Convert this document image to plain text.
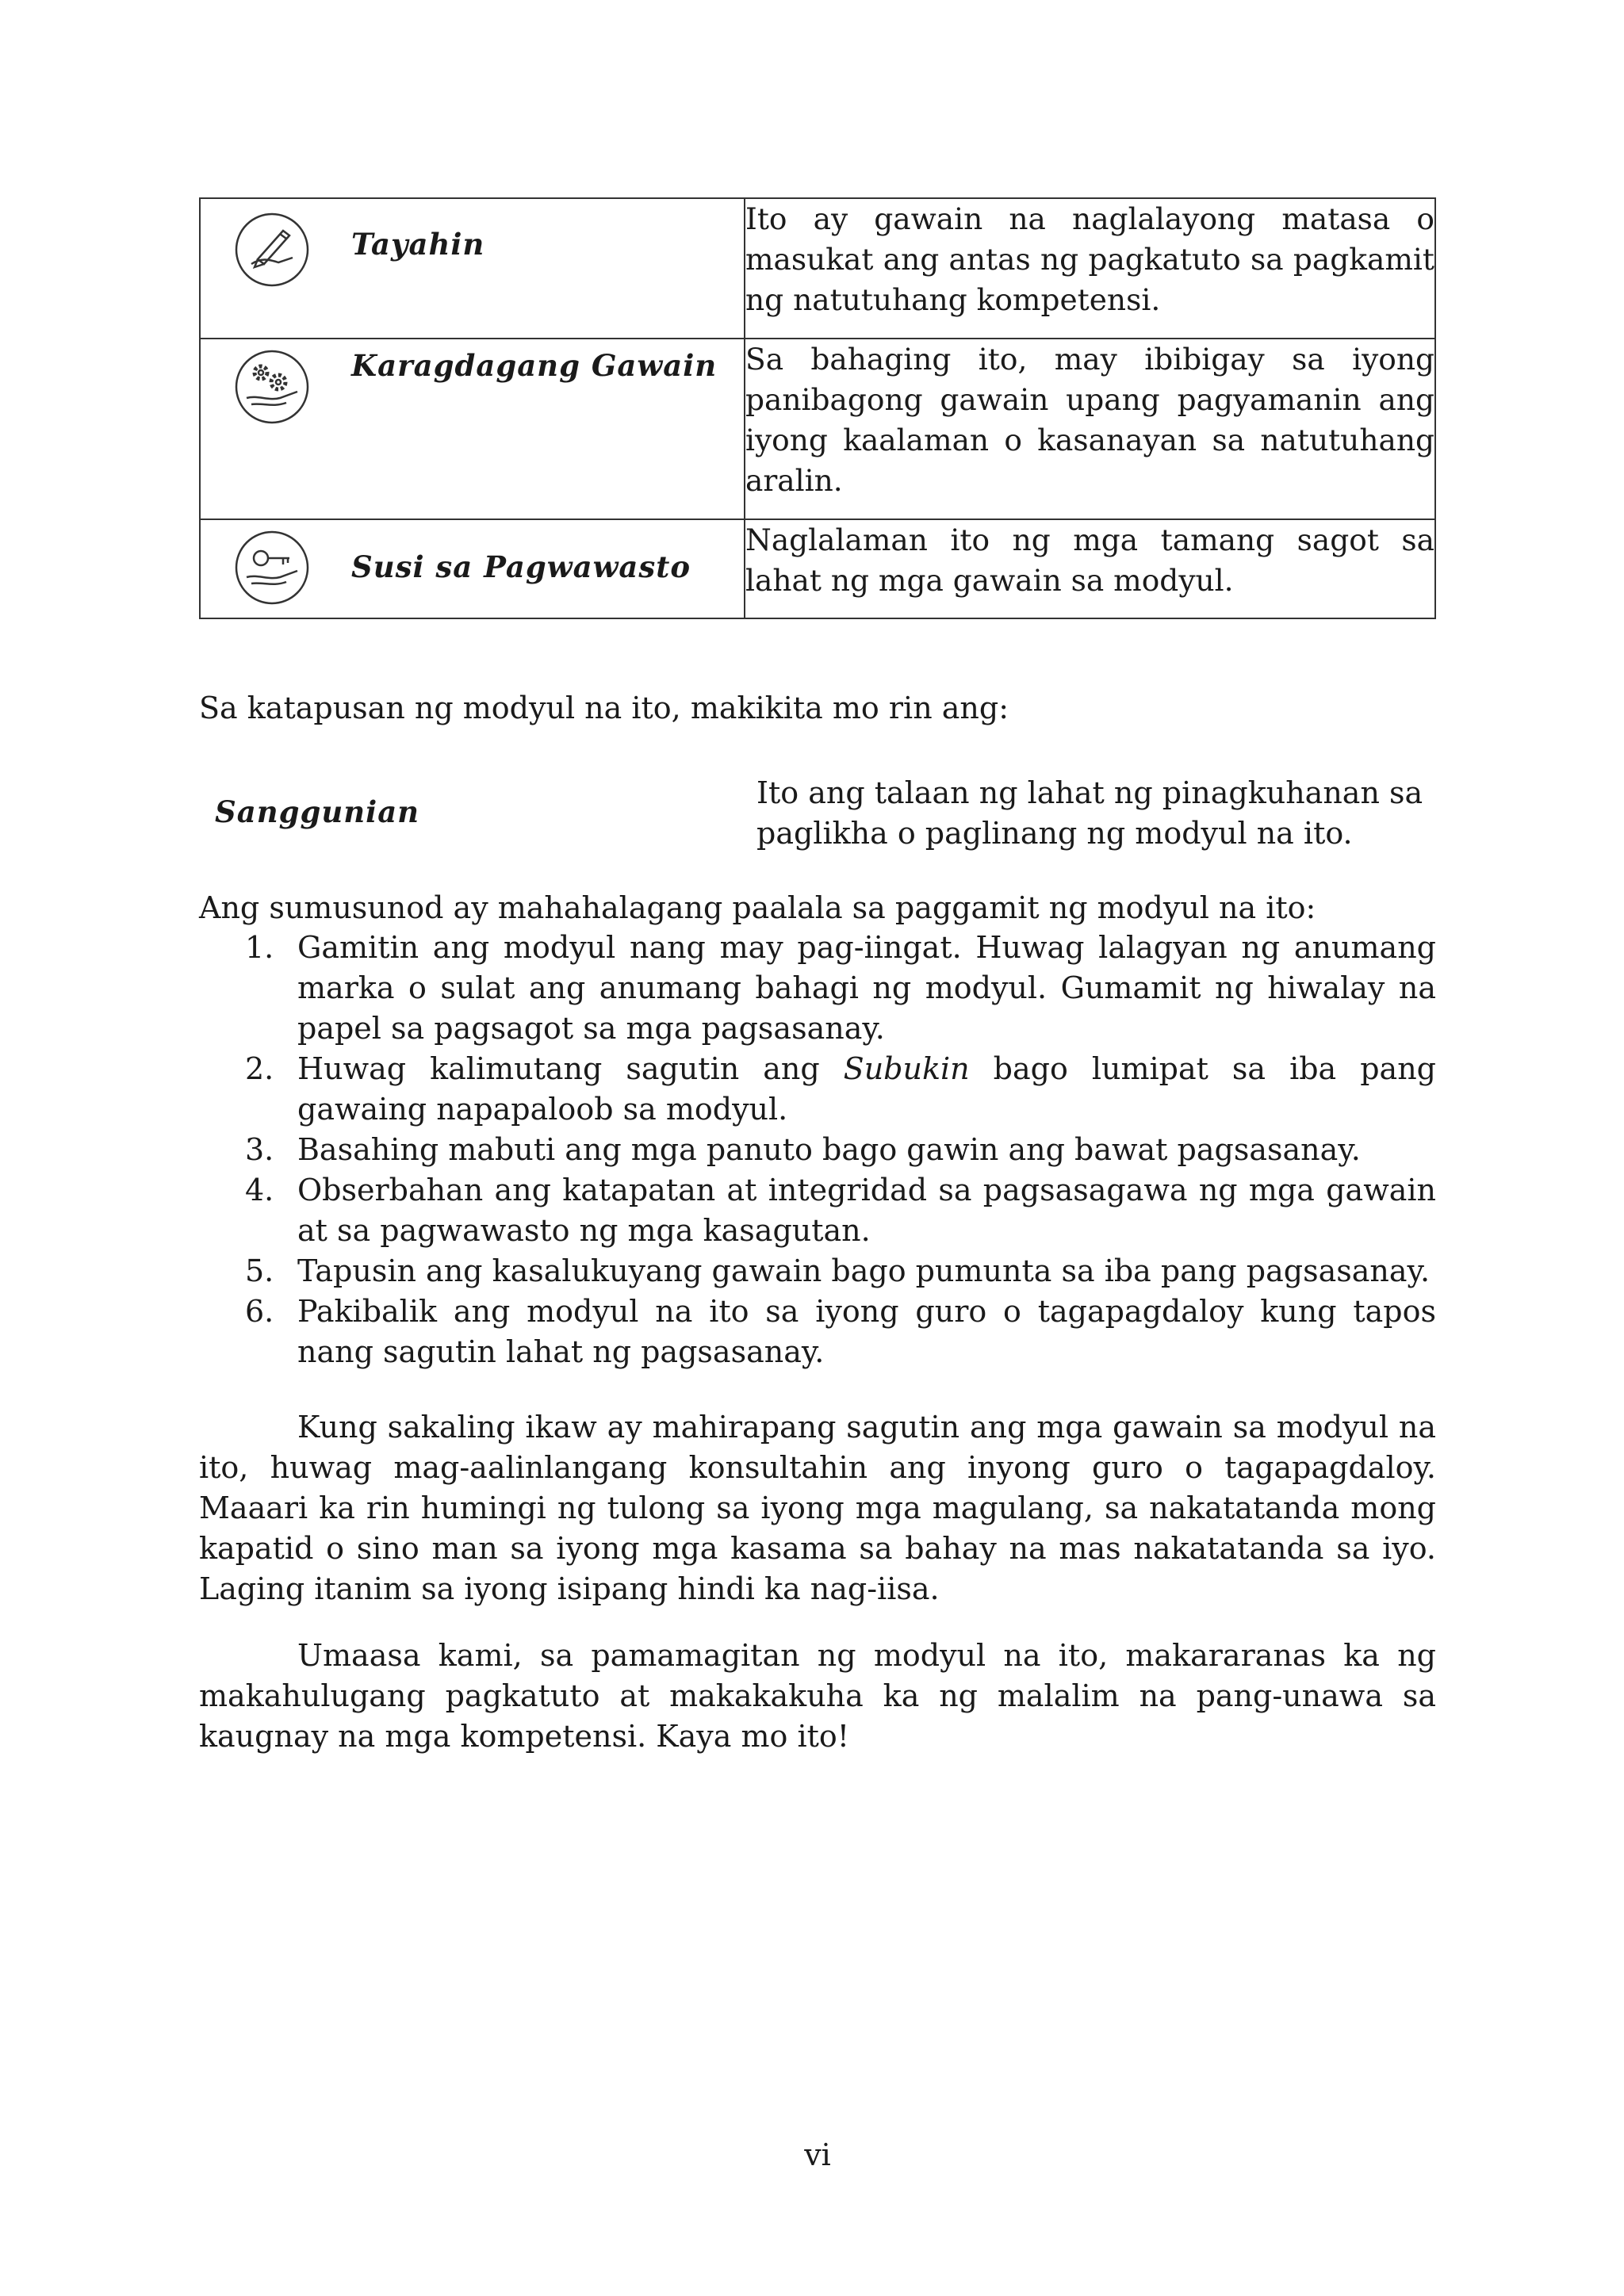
Tayahin	Ito ay gawain na naglalayong matasa o masukat ang antas ng pagkatuto sa pagkamit ng natutuhang kompetensi.

Karagdagang Gawain	Sa bahaging ito, may ibibigay sa iyong panibagong gawain upang pagyamanin ang iyong kaalaman o kasanayan sa natutuhang aralin.

Susi sa Pagwawasto	Naglalaman ito ng mga tamang sagot sa lahat ng mga gawain sa modyul.
Sa katapusan ng modyul na ito, makikita mo rin ang:
Sanggunian
Ito ang talaan ng lahat ng pinagkuhanan sa paglikha o paglinang ng modyul na ito.
Ang sumusunod ay mahahalagang paalala sa paggamit ng modyul na ito:
1. Gamitin ang modyul nang may pag-iingat. Huwag lalagyan ng anumang marka o sulat ang anumang bahagi ng modyul. Gumamit ng hiwalay na papel sa pagsagot sa mga pagsasanay.
2. Huwag kalimutang sagutin ang Subukin bago lumipat sa iba pang gawaing napapaloob sa modyul.
3. Basahing mabuti ang mga panuto bago gawin ang bawat pagsasanay.
4. Obserbahan ang katapatan at integridad sa pagsasagawa ng mga gawain at sa pagwawasto ng mga kasagutan.
5. Tapusin ang kasalukuyang gawain bago pumunta sa iba pang pagsasanay.
6. Pakibalik ang modyul na ito sa iyong guro o tagapagdaloy kung tapos nang sagutin lahat ng pagsasanay.
Kung sakaling ikaw ay mahirapang sagutin ang mga gawain sa modyul na ito, huwag mag-aalinlangang konsultahin ang inyong guro o tagapagdaloy. Maaari ka rin humingi ng tulong sa iyong mga magulang, sa nakatatanda mong kapatid o sino man sa iyong mga kasama sa bahay na mas nakatatanda sa iyo. Laging itanim sa iyong isipang hindi ka nag-iisa.
Umaasa kami, sa pamamagitan ng modyul na ito, makararanas ka ng makahulugang pagkatuto at makakakuha ka ng malalim na pang-unawa sa kaugnay na mga kompetensi. Kaya mo ito!
vi
